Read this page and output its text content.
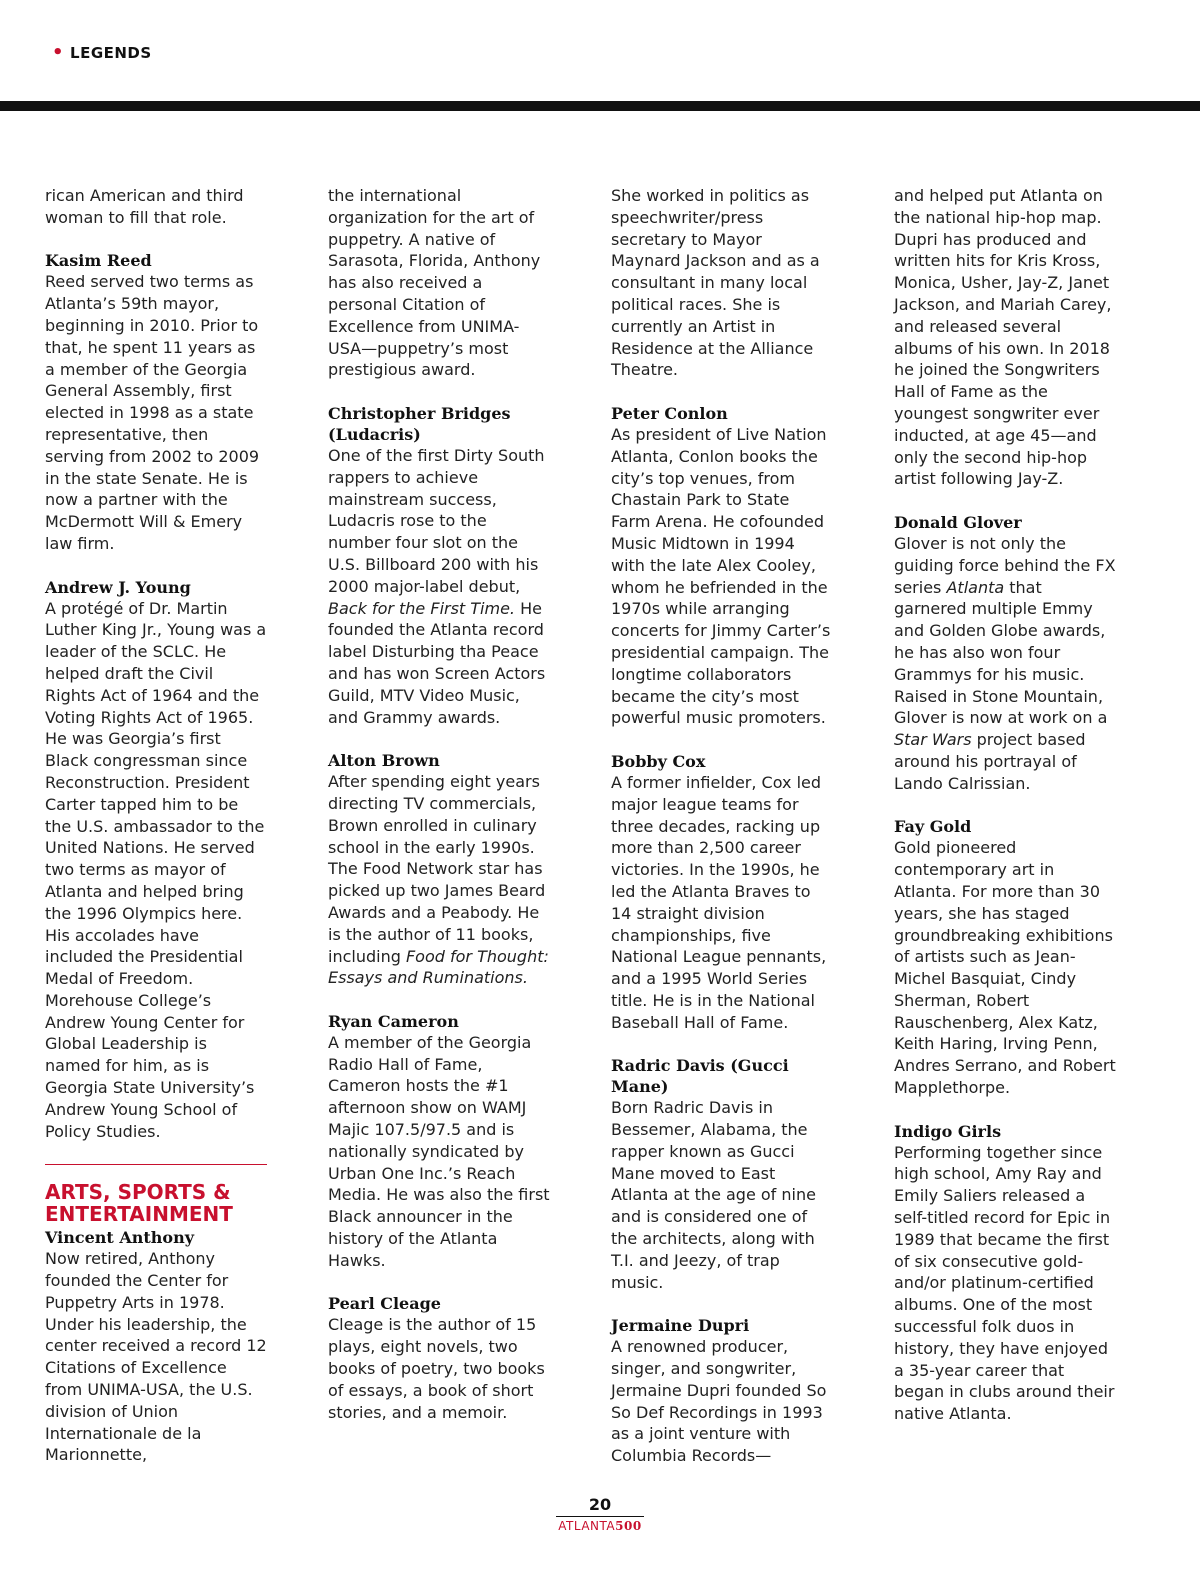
• LEGENDS

rican American and third woman to fill that role.

Kasim Reed

Reed served two terms as Atlanta’s 59th mayor, beginning in 2010. Prior to that, he spent 11 years as a member of the Georgia General Assembly, first elected in 1998 as a state representative, then serving from 2002 to 2009 in the state Senate. He is now a partner with the McDermott Will & Emery law firm.

Andrew J. Young

A protégé of Dr. Martin Luther King Jr., Young was a leader of the SCLC. He helped draft the Civil Rights Act of 1964 and the Voting Rights Act of 1965. He was Georgia’s first Black congressman since Reconstruction. President Carter tapped him to be the U.S. ambassador to the United Nations. He served two terms as mayor of Atlanta and helped bring the 1996 Olympics here. His accolades have included the Presidential Medal of Freedom. Morehouse College’s Andrew Young Center for Global Leadership is named for him, as is Georgia State University’s Andrew Young School of Policy Studies.

ARTS, SPORTS & ENTERTAINMENT
Vincent Anthony

Now retired, Anthony founded the Center for Puppetry Arts in 1978. Under his leadership, the center received a record 12 Citations of Excellence from UNIMA-USA, the U.S. division of Union Internationale de la Marionnette,

the international organization for the art of puppetry. A native of Sarasota, Florida, Anthony has also received a personal Citation of Excellence from UNIMA-USA—puppetry’s most prestigious award.

Christopher Bridges (Ludacris)

One of the first Dirty South rappers to achieve mainstream success, Ludacris rose to the number four slot on the U.S. Billboard 200 with his 2000 major-label debut, Back for the First Time. He founded the Atlanta record label Disturbing tha Peace and has won Screen Actors Guild, MTV Video Music, and Grammy awards.

Alton Brown

After spending eight years directing TV commercials, Brown enrolled in culinary school in the early 1990s. The Food Network star has picked up two James Beard Awards and a Peabody. He is the author of 11 books, including Food for Thought: Essays and Ruminations.

Ryan Cameron

A member of the Georgia Radio Hall of Fame, Cameron hosts the #1 afternoon show on WAMJ Majic 107.5/97.5 and is nationally syndicated by Urban One Inc.’s Reach Media. He was also the first Black announcer in the history of the Atlanta Hawks.

Pearl Cleage

Cleage is the author of 15 plays, eight novels, two books of poetry, two books of essays, a book of short stories, and a memoir.

She worked in politics as speechwriter/press secretary to Mayor Maynard Jackson and as a consultant in many local political races. She is currently an Artist in Residence at the Alliance Theatre.

Peter Conlon

As president of Live Nation Atlanta, Conlon books the city’s top venues, from Chastain Park to State Farm Arena. He cofounded Music Midtown in 1994 with the late Alex Cooley, whom he befriended in the 1970s while arranging concerts for Jimmy Carter’s presidential campaign. The longtime collaborators became the city’s most powerful music promoters.

Bobby Cox

A former infielder, Cox led major league teams for three decades, racking up more than 2,500 career victories. In the 1990s, he led the Atlanta Braves to 14 straight division championships, five National League pennants, and a 1995 World Series title. He is in the National Baseball Hall of Fame.

Radric Davis (Gucci Mane)

Born Radric Davis in Bessemer, Alabama, the rapper known as Gucci Mane moved to East Atlanta at the age of nine and is considered one of the architects, along with T.I. and Jeezy, of trap music.

Jermaine Dupri

A renowned producer, singer, and songwriter, Jermaine Dupri founded So So Def Recordings in 1993 as a joint venture with Columbia Records—

and helped put Atlanta on the national hip-hop map. Dupri has produced and written hits for Kris Kross, Monica, Usher, Jay-Z, Janet Jackson, and Mariah Carey, and released several albums of his own. In 2018 he joined the Songwriters Hall of Fame as the youngest songwriter ever inducted, at age 45—and only the second hip-hop artist following Jay-Z.

Donald Glover

Glover is not only the guiding force behind the FX series Atlanta that garnered multiple Emmy and Golden Globe awards, he has also won four Grammys for his music. Raised in Stone Mountain, Glover is now at work on a Star Wars project based around his portrayal of Lando Calrissian.

Fay Gold

Gold pioneered contemporary art in Atlanta. For more than 30 years, she has staged groundbreaking exhibitions of artists such as Jean-Michel Basquiat, Cindy Sherman, Robert Rauschenberg, Alex Katz, Keith Haring, Irving Penn, Andres Serrano, and Robert Mapplethorpe.

Indigo Girls

Performing together since high school, Amy Ray and Emily Saliers released a self-titled record for Epic in 1989 that became the first of six consecutive gold- and/or platinum-certified albums. One of the most successful folk duos in history, they have enjoyed a 35-year career that began in clubs around their native Atlanta.

20
ATLANTA500
